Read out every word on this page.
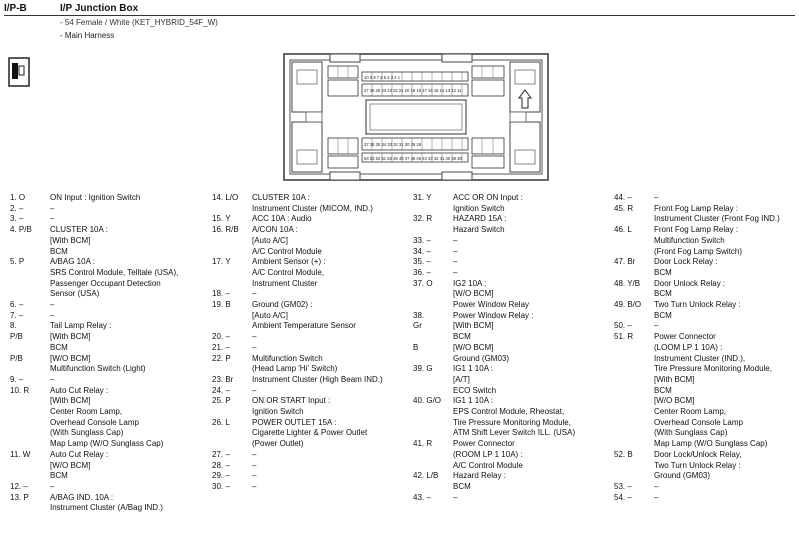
I/P-B	I/P Junction Box
- 54 Female / White (KET_HYBRID_54F_W)
- Main Harness
10 9 8 7 6 5 4 3 2 1
27 26 25 24 23 22 21 20 19 18 17 16 15 14 13 12 11
37 36 35 34 33 32 31 30 29 28
54 53 52 51 50 49 48 47 46 45 44 43 42 41 40 39 38
1. O	ON Input : Ignition Switch
2. –	–
3. –	–
4. P/B	CLUSTER 10A :
[With BCM]
BCM
5. P	A/BAG 10A :
SRS Control Module, Telltale (USA),
Passenger Occupant Detection
Sensor (USA)
6. –	–
7. –	–
8.	Tail Lamp Relay :
P/B	[With BCM]
BCM
P/B	[W/O BCM]
Multifunction Switch (Light)
9. –	–
10. R	Auto Cut Relay :
[With BCM]
Center Room Lamp,
Overhead Console Lamp
(With Sunglass Cap)
Map Lamp (W/O Sunglass Cap)
11. W	Auto Cut Relay :
[W/O BCM]
BCM
12. –	–
13. P	A/BAG IND. 10A :
Instrument Cluster (A/Bag IND.)
14. L/O	CLUSTER 10A :
Instrument Cluster (MICOM, IND.)
15. Y	ACC 10A : Audio
16. R/B	A/CON 10A :
[Auto A/C]
A/C Control Module
17. Y	Ambient Sensor (+) :
A/C Control Module,
Instrument Cluster
18. –	–
19. B	Ground (GM02) :
[Auto A/C]
Ambient Temperature Sensor
20. –	–
21. –	–
22. P	Multifunction Switch
(Head Lamp 'Hi' Switch)
23. Br	Instrument Cluster (High Beam IND.)
24. –	–
25. P	ON OR START Input :
Ignition Switch
26. L	POWER OUTLET 15A :
Cigarette Lighter & Power Outlet
(Power Outlet)
27. –	–
28. –	–
29. –	–
30. –	–
31. Y	ACC OR ON Input :
Ignition Switch
32. R	HAZARD 15A :
Hazard Switch
33. –	–
34. –	–
35. –	–
36. –	–
37. O	IG2 10A :
[W/O BCM]
Power Window Relay
38.	Power Window Relay :
Gr	[With BCM]
BCM
B	[W/O BCM]
Ground (GM03)
39. G	IG1 1 10A :
[A/T]
ECO Switch
40. G/O	IG1 1 10A :
EPS Control Module, Rheostat,
Tire Pressure Monitoring Module,
ATM Shift Lever Switch ILL. (USA)
41. R	Power Connector
(ROOM LP 1 10A) :
A/C Control Module
42. L/B	Hazard Relay :
BCM
43. –	–
44. –	–
45. R	Front Fog Lamp Relay :
Instrument Cluster (Front Fog IND.)
46. L	Front Fog Lamp Relay :
Multifunction Switch
(Front Fog Lamp Switch)
47. Br	Door Lock Relay :
BCM
48. Y/B	Door Unlock Relay :
BCM
49. B/O	Two Turn Unlock Relay :
BCM
50. –	–
51. R	Power Connector
(LOOM LP 1 10A) :
Instrument Cluster (IND.),
Tire Pressure Monitoring Module,
[With BCM]
BCM
[W/O BCM]
Center Room Lamp,
Overhead Console Lamp
(With Sunglass Cap)
Map Lamp (W/O Sunglass Cap)
52. B	Door Lock/Unlock Relay,
Two Turn Unlock Relay :
Ground (GM03)
53. –	–
54. –	–
